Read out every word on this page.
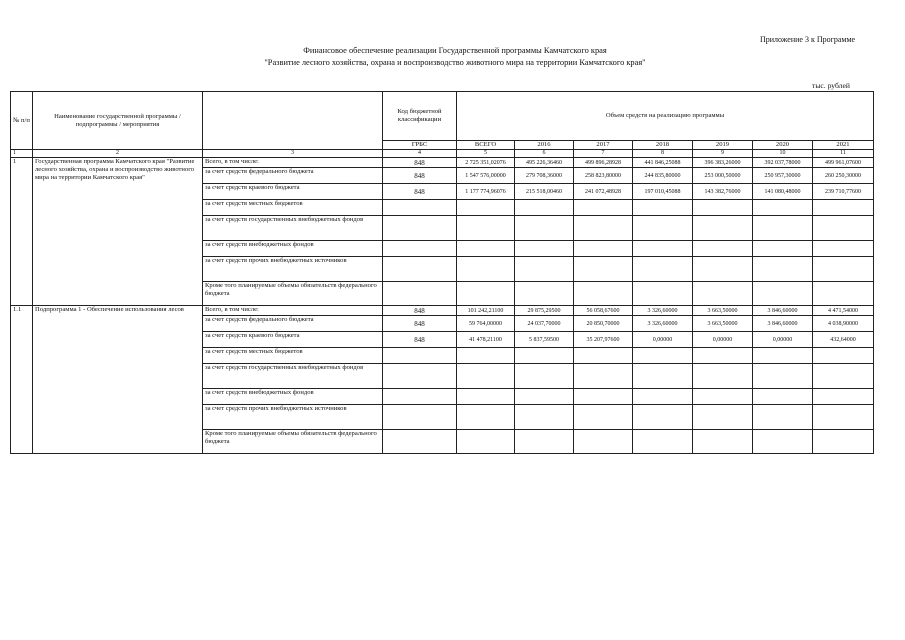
Приложение 3 к Программе
Финансовое обеспечение реализации Государственной программы Камчатского края
"Развитие лесного хозяйства, охрана и воспроизводство животного мира на территории Камчатского края"
тыс. рублей
№ п/п	Наименование государственной программы / подпрограммы / мероприятия		Код бюджетной классификации	Объем средств на реализацию программы						
			ГРБС	ВСЕГО	2016	2017	2018	2019	2020	2021
1	2	3	4	5	6	7	8	9	10	11
1	Государственная программа Камчатского края "Развитие лесного хозяйства, охрана и воспроизводство животного мира на территории Камчатского края"	Всего, в том числе:	848	2 725 351,02076	495 226,36460	499 896,28928	441 846,25088	396 383,26000	392 037,78000	499 961,07600
		за счет средств федерального бюджета	848	1 547 576,00000	279 708,36000	258 823,80000	244 835,80000	253 000,50000	250 957,30000	260 250,30000
		за счет средств краевого бюджета	848	1 177 774,96076	215 518,00460	241 072,48928	197 010,45088	143 382,76000	141 080,48000	239 710,77600
		за счет средств местных бюджетов								
		за счет средств государственных внебюджетных фондов								
		за счет средств внебюджетных фондов								
		за счет средств прочих внебюджетных источников								
		Кроме того планируемые объемы обязательств федерального бюджета								
1.1	Подпрограмма 1 - Обеспечение использования лесов	Всего, в том числе:	848	101 242,21100	29 875,29500	56 058,67600	3 326,60000	3 663,50000	3 846,60000	4 471,54000
		за счет средств федерального бюджета	848	59 764,00000	24 037,70000	20 850,70000	3 326,60000	3 663,50000	3 846,60000	4 038,90000
		за счет средств краевого бюджета	848	41 478,21100	5 837,59500	35 207,97600	0,00000	0,00000	0,00000	432,64000
		за счет средств местных бюджетов								
		за счет средств государственных внебюджетных фондов								
		за счет средств внебюджетных фондов								
		за счет средств прочих внебюджетных источников								
		Кроме того планируемые объемы обязательств федерального бюджета								
